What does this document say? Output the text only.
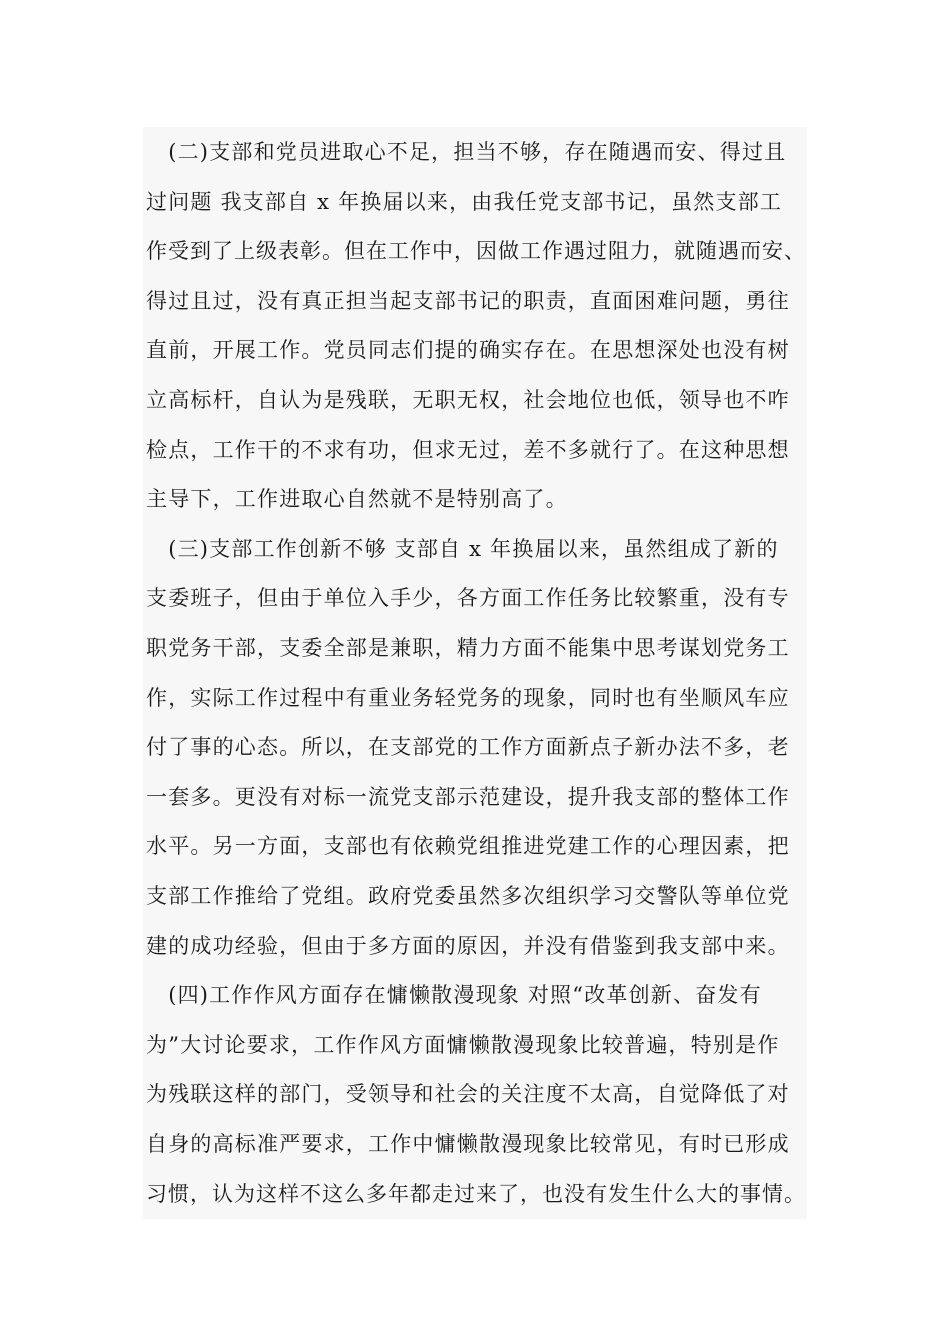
　(二)支部和党员进取心不足，担当不够，存在随遇而安、得过且
过问题 我支部自 x 年换届以来，由我任党支部书记，虽然支部工
作受到了上级表彰。但在工作中，因做工作遇过阻力，就随遇而安、
得过且过，没有真正担当起支部书记的职责，直面困难问题，勇往
直前，开展工作。党员同志们提的确实存在。在思想深处也没有树
立高标杆，自认为是残联，无职无权，社会地位也低，领导也不咋
检点，工作干的不求有功，但求无过，差不多就行了。在这种思想
主导下，工作进取心自然就不是特别高了。
　(三)支部工作创新不够 支部自 x 年换届以来，虽然组成了新的
支委班子，但由于单位入手少，各方面工作任务比较繁重，没有专
职党务干部，支委全部是兼职，精力方面不能集中思考谋划党务工
作，实际工作过程中有重业务轻党务的现象，同时也有坐顺风车应
付了事的心态。所以，在支部党的工作方面新点子新办法不多，老
一套多。更没有对标一流党支部示范建设，提升我支部的整体工作
水平。另一方面，支部也有依赖党组推进党建工作的心理因素，把
支部工作推给了党组。政府党委虽然多次组织学习交警队等单位党
建的成功经验，但由于多方面的原因，并没有借鉴到我支部中来。
　(四)工作作风方面存在慵懒散漫现象 对照“改革创新、奋发有
为”大讨论要求，工作作风方面慵懒散漫现象比较普遍，特别是作
为残联这样的部门，受领导和社会的关注度不太高，自觉降低了对
自身的高标准严要求，工作中慵懒散漫现象比较常见，有时已形成
习惯，认为这样不这么多年都走过来了，也没有发生什么大的事情。
